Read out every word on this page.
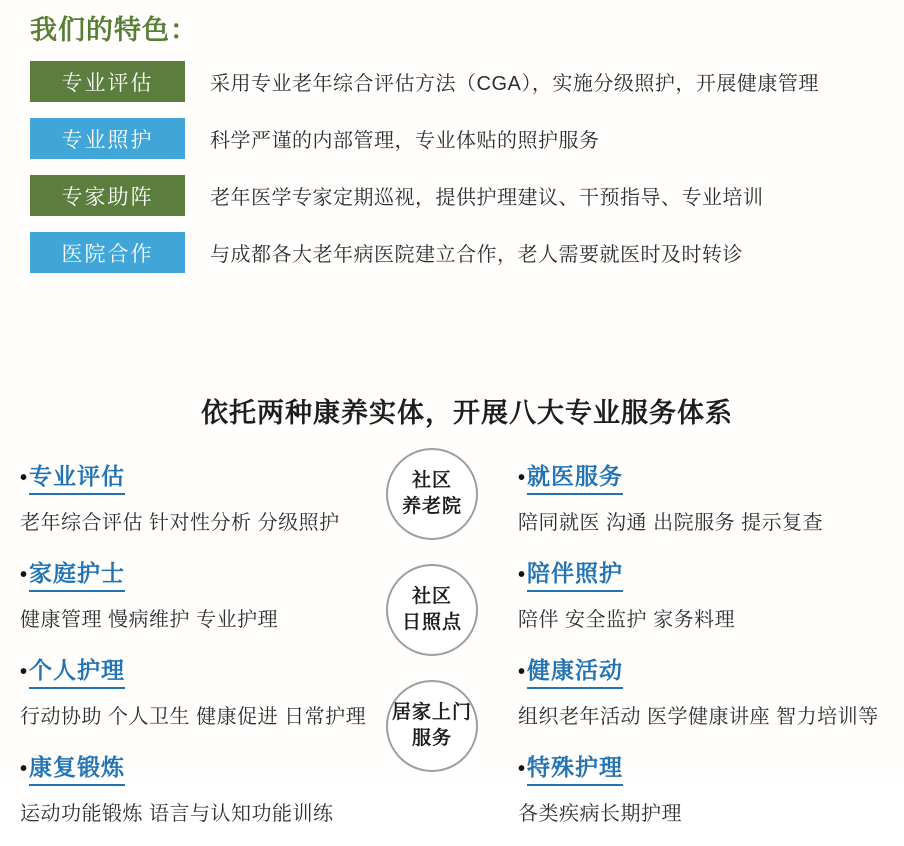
我们的特色：
专业评估	采用专业老年综合评估方法（CGA），实施分级照护，开展健康管理
专业照护	科学严谨的内部管理，专业体贴的照护服务
专家助阵	老年医学专家定期巡视，提供护理建议、干预指导、专业培训
医院合作	与成都各大老年病医院建立合作，老人需要就医时及时转诊
依托两种康养实体，开展八大专业服务体系
•
专业评估
老年综合评估 针对性分析 分级照护
•
家庭护士
健康管理 慢病维护 专业护理
•
个人护理
行动协助 个人卫生 健康促进 日常护理
•
康复锻炼
运动功能锻炼 语言与认知功能训练
社区
养老院
社区
日照点
居家上门
服务
•
就医服务
陪同就医 沟通 出院服务 提示复查
•
陪伴照护
陪伴 安全监护 家务料理
•
健康活动
组织老年活动 医学健康讲座 智力培训等
•
特殊护理
各类疾病长期护理
